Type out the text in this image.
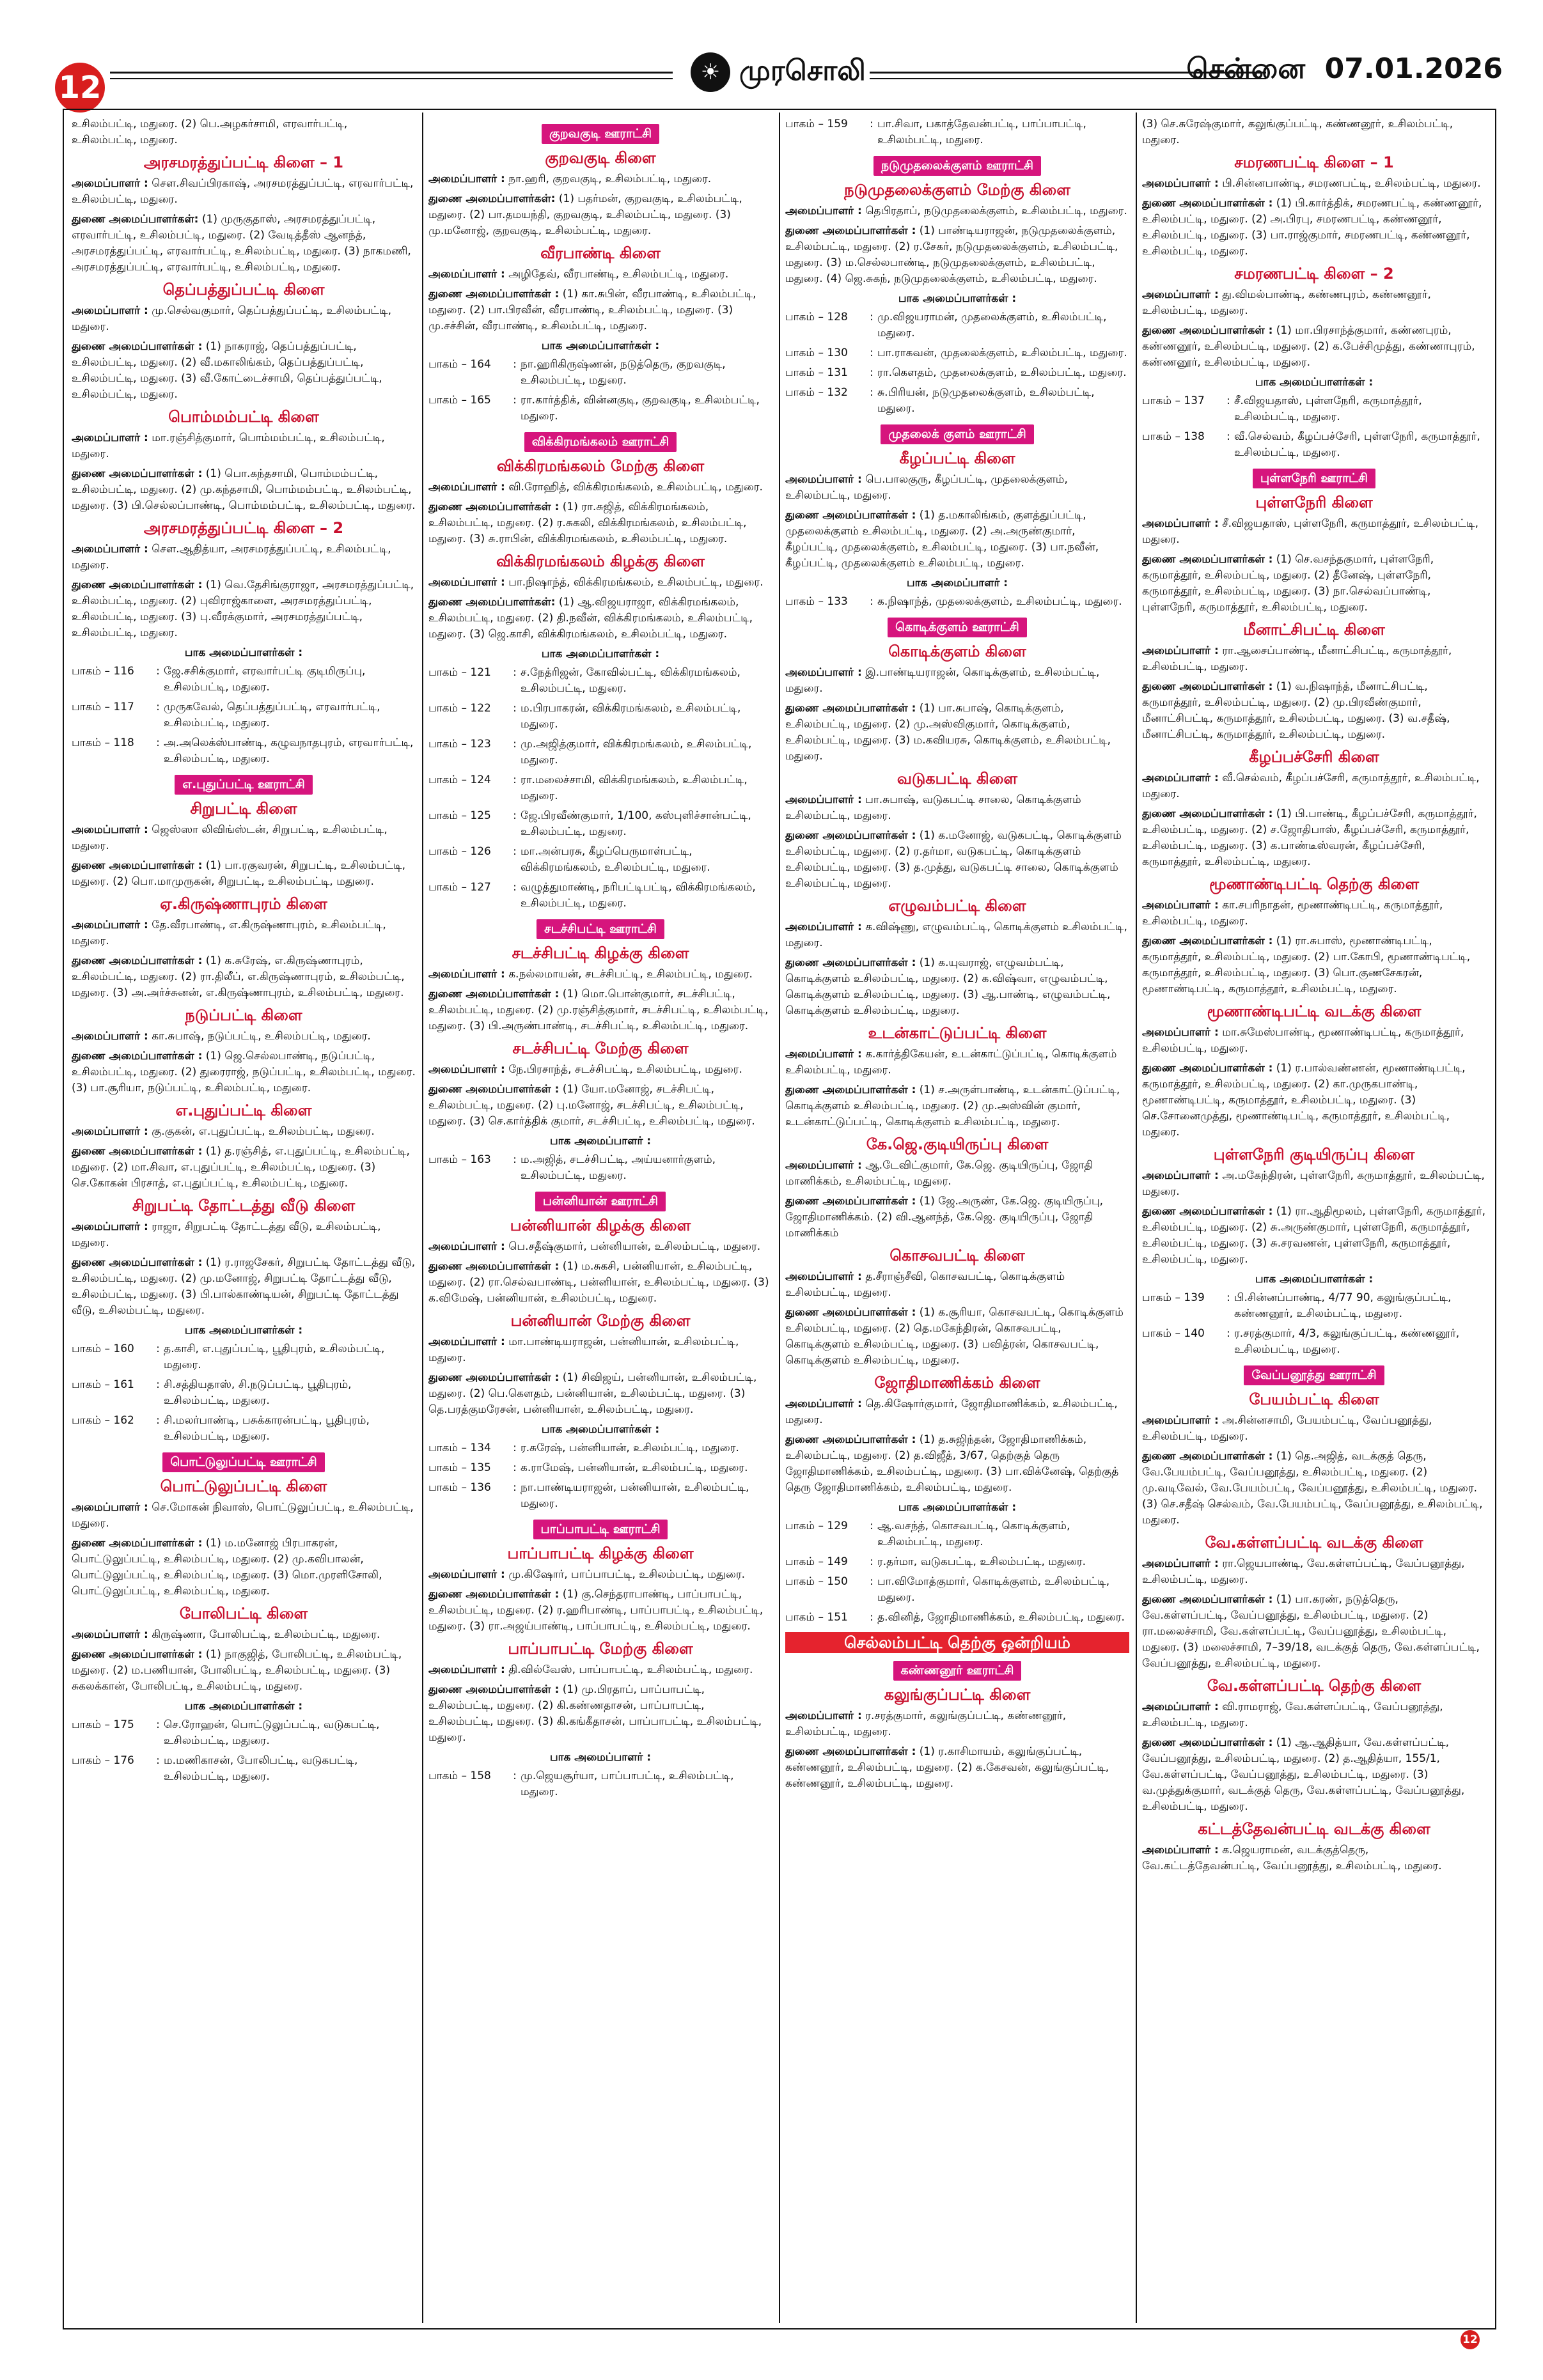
12	☀ முரசொலி	சென்னை 07.01.2026

உசிலம்பட்டி, மதுரை. (2) பெ.அழகர்சாமி, எரவார்பட்டி, உசிலம்பட்டி, மதுரை.

அரசமரத்துப்பட்டி கிளை – 1

அமைப்பாளர் : சௌ.சிவப்பிரகாஷ், அரசமரத்துப்பட்டி, எரவார்பட்டி, உசிலம்பட்டி, மதுரை.

துணை அமைப்பாளர்கள்: (1) முருகுதாஸ், அரசமரத்துப்பட்டி, எரவார்பட்டி, உசிலம்பட்டி, மதுரை. (2) வேடித்தீஸ் ஆனந்த், அரசமரத்துப்பட்டி, எரவார்பட்டி, உசிலம்பட்டி, மதுரை. (3) நாகமணி, அரசமரத்துப்பட்டி, எரவார்பட்டி, உசிலம்பட்டி, மதுரை.

தெப்பத்துப்பட்டி கிளை

அமைப்பாளர் : மு.செல்வகுமார், தெப்பத்துப்பட்டி, உசிலம்பட்டி, மதுரை.

துணை அமைப்பாளர்கள் : (1) நாகராஜ், தெப்பத்துப்பட்டி, உசிலம்பட்டி, மதுரை. (2) வீ.மகாலிங்கம், தெப்பத்துப்பட்டி, உசிலம்பட்டி, மதுரை. (3) வீ.கோட்டைச்சாமி, தெப்பத்துப்பட்டி, உசிலம்பட்டி, மதுரை.

பொம்மம்பட்டி கிளை

அமைப்பாளர் : மா.ரஞ்சித்குமார், பொம்மம்பட்டி, உசிலம்பட்டி, மதுரை.

துணை அமைப்பாளர்கள் : (1) பொ.கந்தசாமி, பொம்மம்பட்டி, உசிலம்பட்டி, மதுரை. (2) மு.கந்தசாமி, பொம்மம்பட்டி, உசிலம்பட்டி, மதுரை. (3) பி.செல்லப்பாண்டி, பொம்மம்பட்டி, உசிலம்பட்டி, மதுரை.

அரசமரத்துப்பட்டி கிளை – 2

அமைப்பாளர் : சௌ.ஆதித்யா, அரசமரத்துப்பட்டி, உசிலம்பட்டி, மதுரை.

துணை அமைப்பாளர்கள் : (1) வெ.தேசிங்குராஜா, அரசமரத்துப்பட்டி, உசிலம்பட்டி, மதுரை. (2) புவிராஜ்காளை, அரசமரத்துப்பட்டி, உசிலம்பட்டி, மதுரை. (3) பு.வீரக்குமார், அரசமரத்துப்பட்டி, உசிலம்பட்டி, மதுரை.

பாக அமைப்பாளர்கள் :
பாகம் – 116	: ஜே.சசிக்குமார், எரவார்பட்டி குடிமிருப்பு, உசிலம்பட்டி, மதுரை.
பாகம் – 117	: முருகவேல், தெப்பத்துப்பட்டி, எரவார்பட்டி, உசிலம்பட்டி, மதுரை.
பாகம் – 118	: அ.அலெக்ஸ்பாண்டி, கழுவநாதபுரம், எரவார்பட்டி, உசிலம்பட்டி, மதுரை.
எ.புதுப்பட்டி ஊராட்சி
சிறுபட்டி கிளை

அமைப்பாளர் : ஜெஸ்ஸா லிவிங்ஸ்டன், சிறுபட்டி, உசிலம்பட்டி, மதுரை.

துணை அமைப்பாளர்கள் : (1) பா.ரகுவரன், சிறுபட்டி, உசிலம்பட்டி, மதுரை. (2) பொ.மாமுருகன், சிறுபட்டி, உசிலம்பட்டி, மதுரை.

ஏ.கிருஷ்ணாபுரம் கிளை

அமைப்பாளர் : தே.வீரபாண்டி, எ.கிருஷ்ணாபுரம், உசிலம்பட்டி, மதுரை.

துணை அமைப்பாளர்கள் : (1) க.சுரேஷ், எ.கிருஷ்ணாபுரம், உசிலம்பட்டி, மதுரை. (2) ரா.திலீப், எ.கிருஷ்ணாபுரம், உசிலம்பட்டி, மதுரை. (3) அ.அர்ச்சுனன், எ.கிருஷ்ணாபுரம், உசிலம்பட்டி, மதுரை.

நடுப்பட்டி கிளை

அமைப்பாளர் : கா.சுபாஷ், நடுப்பட்டி, உசிலம்பட்டி, மதுரை.

துணை அமைப்பாளர்கள் : (1) ஜெ.செல்லபாண்டி, நடுப்பட்டி, உசிலம்பட்டி, மதுரை. (2) துரைராஜ், நடுப்பட்டி, உசிலம்பட்டி, மதுரை. (3) பா.சூரியா, நடுப்பட்டி, உசிலம்பட்டி, மதுரை.

எ.புதுப்பட்டி கிளை

அமைப்பாளர் : கு.குகன், எ.புதுப்பட்டி, உசிலம்பட்டி, மதுரை.

துணை அமைப்பாளர்கள் : (1) த.ரஞ்சித், எ.புதுப்பட்டி, உசிலம்பட்டி, மதுரை. (2) மா.சிவா, எ.புதுப்பட்டி, உசிலம்பட்டி, மதுரை. (3) செ.கோகன் பிரசாத், எ.புதுப்பட்டி, உசிலம்பட்டி, மதுரை.

சிறுபட்டி தோட்டத்து வீடு கிளை

அமைப்பாளர் : ராஜா, சிறுபட்டி தோட்டத்து வீடு, உசிலம்பட்டி, மதுரை.

துணை அமைப்பாளர்கள் : (1) ர.ராஜசேகர், சிறுபட்டி தோட்டத்து வீடு, உசிலம்பட்டி, மதுரை. (2) மு.மனோஜ், சிறுபட்டி தோட்டத்து வீடு, உசிலம்பட்டி, மதுரை. (3) பி.பால்காண்டியன், சிறுபட்டி தோட்டத்து வீடு, உசிலம்பட்டி, மதுரை.

பாக அமைப்பாளர்கள் :
பாகம் – 160	: த.காசி, எ.புதுப்பட்டி, பூதிபுரம், உசிலம்பட்டி, மதுரை.
பாகம் – 161	: சி.சத்தியதாஸ், சி.நடுப்பட்டி, பூதிபுரம், உசிலம்பட்டி, மதுரை.
பாகம் – 162	: சி.மலர்பாண்டி, பசுக்காரன்பட்டி, பூதிபுரம், உசிலம்பட்டி, மதுரை.
பொட்டுலுப்பட்டி ஊராட்சி
பொட்டுலுப்பட்டி கிளை

அமைப்பாளர் : செ.மோகன் நிவாஸ், பொட்டுலுப்பட்டி, உசிலம்பட்டி, மதுரை.

துணை அமைப்பாளர்கள் : (1) ம.மனோஜ் பிரபாகரன், பொட்டுலுப்பட்டி, உசிலம்பட்டி, மதுரை. (2) மு.கவிபாலன், பொட்டுலுப்பட்டி, உசிலம்பட்டி, மதுரை. (3) மொ.முரளிசோலி, பொட்டுலுப்பட்டி, உசிலம்பட்டி, மதுரை.

போலிபட்டி கிளை

அமைப்பாளர் : கிருஷ்ணா, போலிபட்டி, உசிலம்பட்டி, மதுரை.

துணை அமைப்பாளர்கள் : (1) நாகுஜித், போலிபட்டி, உசிலம்பட்டி, மதுரை. (2) ம.பணியான், போலிபட்டி, உசிலம்பட்டி, மதுரை. (3) சுகலக்கான், போலிபட்டி, உசிலம்பட்டி, மதுரை.

பாக அமைப்பாளர்கள் :
பாகம் – 175	: செ.ரோஹன், பொட்டுலுப்பட்டி, வடுகபட்டி, உசிலம்பட்டி, மதுரை.
பாகம் – 176	: ம.மணிகாசன், போலிபட்டி, வடுகபட்டி, உசிலம்பட்டி, மதுரை.
குறவகுடி ஊராட்சி
குறவகுடி கிளை

அமைப்பாளர் : நா.ஹரி, குறவகுடி, உசிலம்பட்டி, மதுரை.

துணை அமைப்பாளர்கள்: (1) பதர்மன், குறவகுடி, உசிலம்பட்டி, மதுரை. (2) பா.தமயந்தி, குறவகுடி, உசிலம்பட்டி, மதுரை. (3) மு.மனோஜ், குறவகுடி, உசிலம்பட்டி, மதுரை.

வீரபாண்டி கிளை

அமைப்பாளர் : அழிதேவ், வீரபாண்டி, உசிலம்பட்டி, மதுரை.

துணை அமைப்பாளர்கள் : (1) கா.சுபின், வீரபாண்டி, உசிலம்பட்டி, மதுரை. (2) பா.பிரவீன், வீரபாண்டி, உசிலம்பட்டி, மதுரை. (3) மு.சச்சின், வீரபாண்டி, உசிலம்பட்டி, மதுரை.

பாக அமைப்பாளர்கள் :
பாகம் – 164	: நா.ஹரிகிருஷ்ணன், நடுத்தெரு, குறவகுடி, உசிலம்பட்டி, மதுரை.
பாகம் – 165	: ரா.கார்த்திக், வின்னகுடி, குறவகுடி, உசிலம்பட்டி, மதுரை.
விக்கிரமங்கலம் ஊராட்சி
விக்கிரமங்கலம் மேற்கு கிளை

அமைப்பாளர் : வி.ரோஹித், விக்கிரமங்கலம், உசிலம்பட்டி, மதுரை.

துணை அமைப்பாளர்கள் : (1) ரா.சுஜித், விக்கிரமங்கலம், உசிலம்பட்டி, மதுரை. (2) ர.சுகலி, விக்கிரமங்கலம், உசிலம்பட்டி, மதுரை. (3) சு.ராபின், விக்கிரமங்கலம், உசிலம்பட்டி, மதுரை.

விக்கிரமங்கலம் கிழக்கு கிளை

அமைப்பாளர் : பா.நிஷாந்த், விக்கிரமங்கலம், உசிலம்பட்டி, மதுரை.

துணை அமைப்பாளர்கள்: (1) ஆ.விஜயராஜா, விக்கிரமங்கலம், உசிலம்பட்டி, மதுரை. (2) தி.நவீன், விக்கிரமங்கலம், உசிலம்பட்டி, மதுரை. (3) ஜெ.காசி, விக்கிரமங்கலம், உசிலம்பட்டி, மதுரை.

பாக அமைப்பாளர்கள் :
பாகம் – 121	: ச.நேத்ரிஜன், கோவில்பட்டி, விக்கிரமங்கலம், உசிலம்பட்டி, மதுரை.
பாகம் – 122	: ம.பிரபாகரன், விக்கிரமங்கலம், உசிலம்பட்டி, மதுரை.
பாகம் – 123	: மு.அஜித்குமார், விக்கிரமங்கலம், உசிலம்பட்டி, மதுரை.
பாகம் – 124	: ரா.மலைச்சாமி, விக்கிரமங்கலம், உசிலம்பட்டி, மதுரை.
பாகம் – 125	: ஜே.பிரவீண்குமார், 1/100, கஸ்புளிச்சான்பட்டி, உசிலம்பட்டி, மதுரை.
பாகம் – 126	: மா.அன்பரசு, கீழப்பெருமாள்பட்டி, விக்கிரமங்கலம், உசிலம்பட்டி, மதுரை.
பாகம் – 127	: வழுத்துமாண்டி, நரிபட்டிபட்டி, விக்கிரமங்கலம், உசிலம்பட்டி, மதுரை.
சடச்சிபட்டி ஊராட்சி
சடச்சிபட்டி கிழக்கு கிளை

அமைப்பாளர் : க.நல்லமாயன், சடச்சிபட்டி, உசிலம்பட்டி, மதுரை.

துணை அமைப்பாளர்கள் : (1) மொ.பொன்குமார், சடச்சிபட்டி, உசிலம்பட்டி, மதுரை. (2) மு.ரஞ்சித்குமார், சடச்சிபட்டி, உசிலம்பட்டி, மதுரை. (3) பி.அருண்பாண்டி, சடச்சிபட்டி, உசிலம்பட்டி, மதுரை.

சடச்சிபட்டி மேற்கு கிளை

அமைப்பாளர் : நே.பிரசாந்த், சடச்சிபட்டி, உசிலம்பட்டி, மதுரை.

துணை அமைப்பாளர்கள் : (1) யோ.மனோஜ், சடச்சிபட்டி, உசிலம்பட்டி, மதுரை. (2) பு.மனோஜ், சடச்சிபட்டி, உசிலம்பட்டி, மதுரை. (3) செ.கார்த்திக் குமார், சடச்சிபட்டி, உசிலம்பட்டி, மதுரை.

பாக அமைப்பாளர் :
பாகம் – 163	: ம.அஜித், சடச்சிபட்டி, அய்யனார்குளம், உசிலம்பட்டி, மதுரை.
பன்னியான் ஊராட்சி
பன்னியான் கிழக்கு கிளை

அமைப்பாளர் : பெ.சதீஷ்குமார், பன்னியான், உசிலம்பட்டி, மதுரை.

துணை அமைப்பாளர்கள் : (1) ம.சுகசி, பன்னியான், உசிலம்பட்டி, மதுரை. (2) ரா.செல்வபாண்டி, பன்னியான், உசிலம்பட்டி, மதுரை. (3) க.விமேஷ், பன்னியான், உசிலம்பட்டி, மதுரை.

பன்னியான் மேற்கு கிளை

அமைப்பாளர் : மா.பாண்டியராஜன், பன்னியான், உசிலம்பட்டி, மதுரை.

துணை அமைப்பாளர்கள் : (1) சிவிஜய், பன்னியான், உசிலம்பட்டி, மதுரை. (2) பெ.கௌதம், பன்னியான், உசிலம்பட்டி, மதுரை. (3) தெ.பரத்குமரேசன், பன்னியான், உசிலம்பட்டி, மதுரை.

பாக அமைப்பாளர்கள் :
பாகம் – 134	: ர.சுரேஷ், பன்னியான், உசிலம்பட்டி, மதுரை.
பாகம் – 135	: க.ராமேஷ், பன்னியான், உசிலம்பட்டி, மதுரை.
பாகம் – 136	: நா.பாண்டியராஜன், பன்னியான், உசிலம்பட்டி, மதுரை.
பாப்பாபட்டி ஊராட்சி
பாப்பாபட்டி கிழக்கு கிளை

அமைப்பாளர் : மு.கிஷோர், பாப்பாபட்டி, உசிலம்பட்டி, மதுரை.

துணை அமைப்பாளர்கள் : (1) கு.செந்தராபாண்டி, பாப்பாபட்டி, உசிலம்பட்டி, மதுரை. (2) ர.ஹரிபாண்டி, பாப்பாபட்டி, உசிலம்பட்டி, மதுரை. (3) ரா.அஜய்பாண்டி, பாப்பாபட்டி, உசிலம்பட்டி, மதுரை.

பாப்பாபட்டி மேற்கு கிளை

அமைப்பாளர் : தி.வில்வேஸ், பாப்பாபட்டி, உசிலம்பட்டி, மதுரை.

துணை அமைப்பாளர்கள் : (1) மு.பிரதாப், பாப்பாபட்டி, உசிலம்பட்டி, மதுரை. (2) கி.கண்ணதாசன், பாப்பாபட்டி, உசிலம்பட்டி, மதுரை. (3) கி.கங்கீதாசன், பாப்பாபட்டி, உசிலம்பட்டி, மதுரை.

பாக அமைப்பாளர் :
பாகம் – 158	: மு.ஜெயசூர்யா, பாப்பாபட்டி, உசிலம்பட்டி, மதுரை.
பாகம் – 159	: பா.சிவா, பகாத்தேவன்பட்டி, பாப்பாபட்டி, உசிலம்பட்டி, மதுரை.
நடுமுதலைக்குளம் ஊராட்சி
நடுமுதலைக்குளம் மேற்கு கிளை

அமைப்பாளர் : தெபிரதாப், நடுமுதலைக்குளம், உசிலம்பட்டி, மதுரை.

துணை அமைப்பாளர்கள் : (1) பாண்டியராஜன், நடுமுதலைக்குளம், உசிலம்பட்டி, மதுரை. (2) ர.சேகர், நடுமுதலைக்குளம், உசிலம்பட்டி, மதுரை. (3) ம.செல்லபாண்டி, நடுமுதலைக்குளம், உசிலம்பட்டி, மதுரை. (4) ஜெ.சுகந், நடுமுதலைக்குளம், உசிலம்பட்டி, மதுரை.

பாக அமைப்பாளர்கள் :
பாகம் – 128	: மு.விஜயராமன், முதலைக்குளம், உசிலம்பட்டி, மதுரை.
பாகம் – 130	: பா.ராகவன், முதலைக்குளம், உசிலம்பட்டி, மதுரை.
பாகம் – 131	: ரா.கௌதம், முதலைக்குளம், உசிலம்பட்டி, மதுரை.
பாகம் – 132	: சு.பிரியன், நடுமுதலைக்குளம், உசிலம்பட்டி, மதுரை.
முதலைக் குளம் ஊராட்சி
கீழப்பட்டி கிளை

அமைப்பாளர் : பெ.பாலகுரு, கீழப்பட்டி, முதலைக்குளம், உசிலம்பட்டி, மதுரை.

துணை அமைப்பாளர்கள் : (1) த.மகாலிங்கம், குளத்துப்பட்டி, முதலைக்குளம் உசிலம்பட்டி, மதுரை. (2) அ.அருண்குமார், கீழப்பட்டி, முதலைக்குளம், உசிலம்பட்டி, மதுரை. (3) பா.நவீன், கீழப்பட்டி, முதலைக்குளம் உசிலம்பட்டி, மதுரை.

பாக அமைப்பாளர் :
பாகம் – 133	: க.நிஷாந்த், முதலைக்குளம், உசிலம்பட்டி, மதுரை.
கொடிக்குளம் ஊராட்சி
கொடிக்குளம் கிளை

அமைப்பாளர் : இ.பாண்டியராஜன், கொடிக்குளம், உசிலம்பட்டி, மதுரை.

துணை அமைப்பாளர்கள் : (1) பா.சுபாஷ், கொடிக்குளம், உசிலம்பட்டி, மதுரை. (2) மு.அஸ்விகுமார், கொடிக்குளம், உசிலம்பட்டி, மதுரை. (3) ம.கவியரசு, கொடிக்குளம், உசிலம்பட்டி, மதுரை.

வடுகபட்டி கிளை

அமைப்பாளர் : பா.சுபாஷ், வடுகபட்டி சாலை, கொடிக்குளம் உசிலம்பட்டி, மதுரை.

துணை அமைப்பாளர்கள் : (1) க.மனோஜ், வடுகபட்டி, கொடிக்குளம் உசிலம்பட்டி, மதுரை. (2) ர.தர்மா, வடுகபட்டி, கொடிக்குளம் உசிலம்பட்டி, மதுரை. (3) த.முத்து, வடுகபட்டி சாலை, கொடிக்குளம் உசிலம்பட்டி, மதுரை.

எழுவம்பட்டி கிளை

அமைப்பாளர் : க.விஷ்ணு, எழுவம்பட்டி, கொடிக்குளம் உசிலம்பட்டி, மதுரை.

துணை அமைப்பாளர்கள் : (1) க.யுவராஜ், எழுவம்பட்டி, கொடிக்குளம் உசிலம்பட்டி, மதுரை. (2) க.விஷ்வா, எழுவம்பட்டி, கொடிக்குளம் உசிலம்பட்டி, மதுரை. (3) ஆ.பாண்டி, எழுவம்பட்டி, கொடிக்குளம் உசிலம்பட்டி, மதுரை.

உடன்காட்டுப்பட்டி கிளை

அமைப்பாளர் : க.கார்த்திகேயன், உடன்காட்டுப்பட்டி, கொடிக்குளம் உசிலம்பட்டி, மதுரை.

துணை அமைப்பாளர்கள் : (1) ச.அருள்பாண்டி, உடன்காட்டுப்பட்டி, கொடிக்குளம் உசிலம்பட்டி, மதுரை. (2) மு.அஸ்வின் குமார், உடன்காட்டுப்பட்டி, கொடிக்குளம் உசிலம்பட்டி, மதுரை.

கே.ஜெ.குடியிருப்பு கிளை

அமைப்பாளர் : ஆ.டேவிட்குமார், கே.ஜெ. குடியிருப்பு, ஜோதி மாணிக்கம், உசிலம்பட்டி, மதுரை.

துணை அமைப்பாளர்கள் : (1) ஜே.அருண், கே.ஜெ. குடியிருப்பு, ஜோதிமாணிக்கம். (2) வி.ஆனந்த், கே.ஜெ. குடியிருப்பு, ஜோதி மாணிக்கம்

கொசவபட்டி கிளை

அமைப்பாளர் : த.சீராஞ்சீவி, கொசவபட்டி, கொடிக்குளம் உசிலம்பட்டி, மதுரை.

துணை அமைப்பாளர்கள் : (1) க.சூரியா, கொசவபட்டி, கொடிக்குளம் உசிலம்பட்டி, மதுரை. (2) தெ.மகேந்திரன், கொசவபட்டி, கொடிக்குளம் உசிலம்பட்டி, மதுரை. (3) பவித்ரன், கொசவபட்டி, கொடிக்குளம் உசிலம்பட்டி, மதுரை.

ஜோதிமாணிக்கம் கிளை

அமைப்பாளர் : தெ.கிஷோர்குமார், ஜோதிமாணிக்கம், உசிலம்பட்டி, மதுரை.

துணை அமைப்பாளர்கள் : (1) த.சுஜிந்தன், ஜோதிமாணிக்கம், உசிலம்பட்டி, மதுரை. (2) த.விஜீத், 3/67, தெற்குத் தெரு ஜோதிமாணிக்கம், உசிலம்பட்டி, மதுரை. (3) பா.விக்னேஷ், தெற்குத் தெரு ஜோதிமாணிக்கம், உசிலம்பட்டி, மதுரை.

பாக அமைப்பாளர்கள் :
பாகம் – 129	: ஆ.வசந்த், கொசவபட்டி, கொடிக்குளம், உசிலம்பட்டி, மதுரை.
பாகம் – 149	: ர.தர்மா, வடுகபட்டி, உசிலம்பட்டி, மதுரை.
பாகம் – 150	: பா.விமோத்குமார், கொடிக்குளம், உசிலம்பட்டி, மதுரை.
பாகம் – 151	: த.வினித், ஜோதிமாணிக்கம், உசிலம்பட்டி, மதுரை.
செல்லம்பட்டி தெற்கு ஒன்றியம்
கண்ணனூர் ஊராட்சி
கலுங்குப்பட்டி கிளை

அமைப்பாளர் : ர.சரத்குமார், கலுங்குப்பட்டி, கண்ணனூர், உசிலம்பட்டி, மதுரை.

துணை அமைப்பாளர்கள் : (1) ர.காசிமாயம், கலுங்குப்பட்டி, கண்ணனூர், உசிலம்பட்டி, மதுரை. (2) க.கேசவன், கலுங்குப்பட்டி, கண்ணனூர், உசிலம்பட்டி, மதுரை.

(3) செ.சுரேஷ்குமார், கலுங்குப்பட்டி, கண்ணனூர், உசிலம்பட்டி, மதுரை.

சமரணபட்டி கிளை – 1

அமைப்பாளர் : பி.சின்னபாண்டி, சமரணபட்டி, உசிலம்பட்டி, மதுரை.

துணை அமைப்பாளர்கள் : (1) பி.கார்த்திக், சமரணபட்டி, கண்ணனூர், உசிலம்பட்டி, மதுரை. (2) அ.பிரபு, சமரணபட்டி, கண்ணனூர், உசிலம்பட்டி, மதுரை. (3) பா.ராஜ்குமார், சமரணபட்டி, கண்ணனூர், உசிலம்பட்டி, மதுரை.

சமரணபட்டி கிளை – 2

அமைப்பாளர் : து.விமல்பாண்டி, கண்ணபுரம், கண்ணனூர், உசிலம்பட்டி, மதுரை.

துணை அமைப்பாளர்கள் : (1) மா.பிரசாந்த்குமார், கண்ணபுரம், கண்ணனூர், உசிலம்பட்டி, மதுரை. (2) க.பேச்சிமுத்து, கண்ணாபுரம், கண்ணனூர், உசிலம்பட்டி, மதுரை.

பாக அமைப்பாளர்கள் :
பாகம் – 137	: சீ.விஜயதாஸ், புள்ளநேரி, கருமாத்தூர், உசிலம்பட்டி, மதுரை.
பாகம் – 138	: வீ.செல்வம், கீழப்பச்சேரி, புள்ளநேரி, கருமாத்தூர், உசிலம்பட்டி, மதுரை.
புள்ளநேரி ஊராட்சி
புள்ளநேரி கிளை

அமைப்பாளர் : சீ.விஜயதாஸ், புள்ளநேரி, கருமாத்தூர், உசிலம்பட்டி, மதுரை.

துணை அமைப்பாளர்கள் : (1) செ.வசந்தகுமார், புள்ளநேரி, கருமாத்தூர், உசிலம்பட்டி, மதுரை. (2) தீனேஷ், புள்ளநேரி, கருமாத்தூர், உசிலம்பட்டி, மதுரை. (3) நா.செல்வப்பாண்டி, புள்ளநேரி, கருமாத்தூர், உசிலம்பட்டி, மதுரை.

மீனாட்சிபட்டி கிளை

அமைப்பாளர் : ரா.ஆசைப்பாண்டி, மீனாட்சிபட்டி, கருமாத்தூர், உசிலம்பட்டி, மதுரை.

துணை அமைப்பாளர்கள் : (1) வ.நிஷாந்த், மீனாட்சிபட்டி, கருமாத்தூர், உசிலம்பட்டி, மதுரை. (2) மு.பிரவீண்குமார், மீனாட்சிபட்டி, கருமாத்தூர், உசிலம்பட்டி, மதுரை. (3) வ.சதீஷ், மீனாட்சிபட்டி, கருமாத்தூர், உசிலம்பட்டி, மதுரை.

கீழப்பச்சேரி கிளை

அமைப்பாளர் : வீ.செல்வம், கீழப்பச்சேரி, கருமாத்தூர், உசிலம்பட்டி, மதுரை.

துணை அமைப்பாளர்கள் : (1) பி.பாண்டி, கீழப்பச்சேரி, கருமாத்தூர், உசிலம்பட்டி, மதுரை. (2) ச.ஜோதிபாஸ், கீழப்பச்சேரி, கருமாத்தூர், உசிலம்பட்டி, மதுரை. (3) க.பாண்டீஸ்வரன், கீழப்பச்சேரி, கருமாத்தூர், உசிலம்பட்டி, மதுரை.

மூணாண்டிபட்டி தெற்கு கிளை

அமைப்பாளர் : கா.சபரிநாதன், மூணாண்டிபட்டி, கருமாத்தூர், உசிலம்பட்டி, மதுரை.

துணை அமைப்பாளர்கள் : (1) ரா.சுபாஸ், மூணாண்டிபட்டி, கருமாத்தூர், உசிலம்பட்டி, மதுரை. (2) பா.கோபி, மூணாண்டிபட்டி, கருமாத்தூர், உசிலம்பட்டி, மதுரை. (3) பொ.குணசேகரன், மூணாண்டிபட்டி, கருமாத்தூர், உசிலம்பட்டி, மதுரை.

மூணாண்டிபட்டி வடக்கு கிளை

அமைப்பாளர் : மா.சுமேஸ்பாண்டி, மூணாண்டிபட்டி, கருமாத்தூர், உசிலம்பட்டி, மதுரை.

துணை அமைப்பாளர்கள் : (1) ர.பால்வண்ணன், மூணாண்டிபட்டி, கருமாத்தூர், உசிலம்பட்டி, மதுரை. (2) கா.முருகபாண்டி, மூணாண்டிபட்டி, கருமாத்தூர், உசிலம்பட்டி, மதுரை. (3) செ.சோனைமுத்து, மூணாண்டிபட்டி, கருமாத்தூர், உசிலம்பட்டி, மதுரை.

புள்ளநேரி குடியிருப்பு கிளை

அமைப்பாளர் : அ.மகேந்திரன், புள்ளநேரி, கருமாத்தூர், உசிலம்பட்டி, மதுரை.

துணை அமைப்பாளர்கள் : (1) ரா.ஆதிமூலம், புள்ளநேரி, கருமாத்தூர், உசிலம்பட்டி, மதுரை. (2) சு.அருண்குமார், புள்ளநேரி, கருமாத்தூர், உசிலம்பட்டி, மதுரை. (3) சு.சரவணன், புள்ளநேரி, கருமாத்தூர், உசிலம்பட்டி, மதுரை.

பாக அமைப்பாளர்கள் :
பாகம் – 139	: பி.சின்னப்பாண்டி, 4/77 90, கலுங்குப்பட்டி, கண்ணனூர், உசிலம்பட்டி, மதுரை.
பாகம் – 140	: ர.சரத்குமார், 4/3, கலுங்குப்பட்டி, கண்ணனூர், உசிலம்பட்டி, மதுரை.
வேப்பனூத்து ஊராட்சி
பேயம்பட்டி கிளை

அமைப்பாளர் : அ.சின்னசாமி, பேயம்பட்டி, வேப்பனூத்து, உசிலம்பட்டி, மதுரை.

துணை அமைப்பாளர்கள் : (1) தெ.அஜித், வடக்குத் தெரு, வே.பேயம்பட்டி, வேப்பனூத்து, உசிலம்பட்டி, மதுரை. (2) மு.வடிவேல், வே.பேயம்பட்டி, வேப்பனூத்து, உசிலம்பட்டி, மதுரை. (3) செ.சதீஷ் செல்வம், வே.பேயம்பட்டி, வேப்பனூத்து, உசிலம்பட்டி, மதுரை.

வே.கள்ளப்பட்டி வடக்கு கிளை

அமைப்பாளர் : ரா.ஜெயபாண்டி, வே.கள்ளப்பட்டி, வேப்பனூத்து, உசிலம்பட்டி, மதுரை.

துணை அமைப்பாளர்கள் : (1) பா.கரண், நடுத்தெரு, வே.கள்ளப்பட்டி, வேப்பனூத்து, உசிலம்பட்டி, மதுரை. (2) ரா.மலைச்சாமி, வே.கள்ளப்பட்டி, வேப்பனூத்து, உசிலம்பட்டி, மதுரை. (3) மலைச்சாமி, 7–39/18, வடக்குத் தெரு, வே.கள்ளப்பட்டி, வேப்பனூத்து, உசிலம்பட்டி, மதுரை.

வே.கள்ளப்பட்டி தெற்கு கிளை

அமைப்பாளர் : வி.ராமராஜ், வே.கள்ளப்பட்டி, வேப்பனூத்து, உசிலம்பட்டி, மதுரை.

துணை அமைப்பாளர்கள் : (1) ஆ.ஆதித்யா, வே.கள்ளப்பட்டி, வேப்பனூத்து, உசிலம்பட்டி, மதுரை. (2) த.ஆதித்யா, 155/1, வே.கள்ளப்பட்டி, வேப்பனூத்து, உசிலம்பட்டி, மதுரை. (3) வ.முத்துக்குமார், வடக்குத் தெரு, வே.கள்ளப்பட்டி, வேப்பனூத்து, உசிலம்பட்டி, மதுரை.

கட்டத்தேவன்பட்டி வடக்கு கிளை

அமைப்பாளர் : க.ஜெயராமன், வடக்குத்தெரு, வே.கட்டத்தேவன்பட்டி, வேப்பனூத்து, உசிலம்பட்டி, மதுரை.

12
